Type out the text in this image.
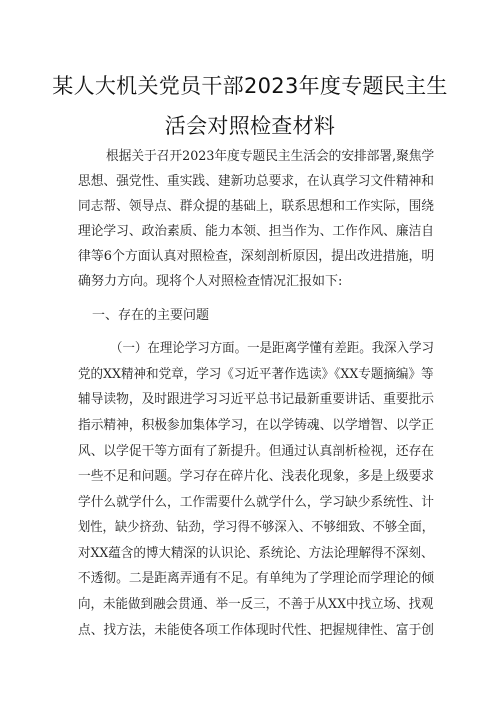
某人大机关党员干部2023年度专题民主生
活会对照检查材料
根据关于召开2023年度专题民主生活会的安排部署,聚焦学
思想、强党性、重实践、建新功总要求，在认真学习文件精神和
同志帮、领导点、群众提的基础上，联系思想和工作实际，围绕
理论学习、政治素质、能力本领、担当作为、工作作风、廉洁自
律等6个方面认真对照检查，深刻剖析原因，提出改进措施，明
确努力方向。现将个人对照检查情况汇报如下:
一、存在的主要问题
（一）在理论学习方面。一是距离学懂有差距。我深入学习
党的XX精神和党章，学习《习近平著作选读》《XX专题摘编》等
辅导读物，及时跟进学习习近平总书记最新重要讲话、重要批示
指示精神，积极参加集体学习，在以学铸魂、以学增智、以学正
风、以学促干等方面有了新提升。但通过认真剖析检视，还存在
一些不足和问题。学习存在碎片化、浅表化现象，多是上级要求
学什么就学什么，工作需要什么就学什么，学习缺少系统性、计
划性，缺少挤劲、钻劲，学习得不够深入、不够细致、不够全面，
对XX蕴含的博大精深的认识论、系统论、方法论理解得不深刻、
不透彻。二是距离弄通有不足。有单纯为了学理论而学理论的倾
向，未能做到融会贯通、举一反三，不善于从XX中找立场、找观
点、找方法，未能使各项工作体现时代性、把握规律性、富于创
